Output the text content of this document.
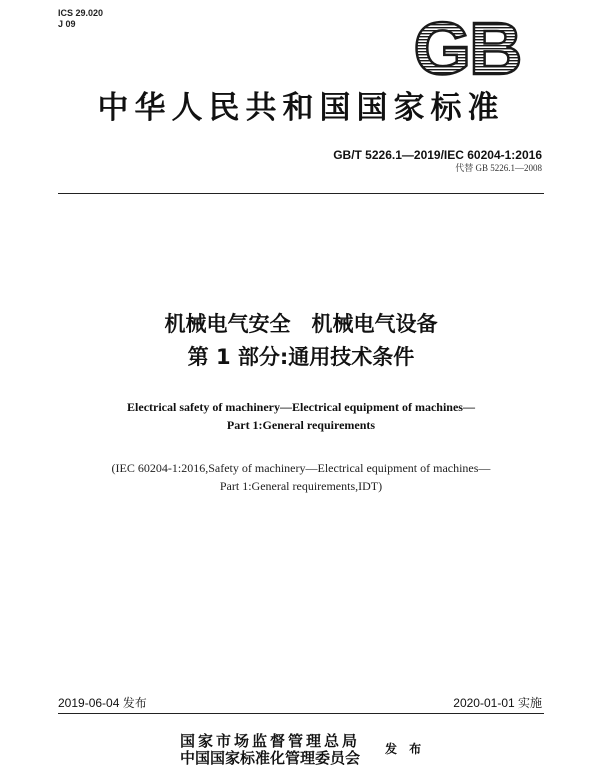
ICS 29.020
J 09	GB
中华人民共和国国家标准
GB/T 5226.1—2019/IEC 60204-1:2016
代替 GB 5226.1—2008
机械电气安全　机械电气设备
第 1 部分:通用技术条件
Electrical safety of machinery—Electrical equipment of machines—
Part 1:General requirements
(IEC 60204-1:2016,Safety of machinery—Electrical equipment of machines—
Part 1:General requirements,IDT)
2019-06-04 发布	2020-01-01 实施
国家市场监督管理总局
中国国家标准化管理委员会 发 布
